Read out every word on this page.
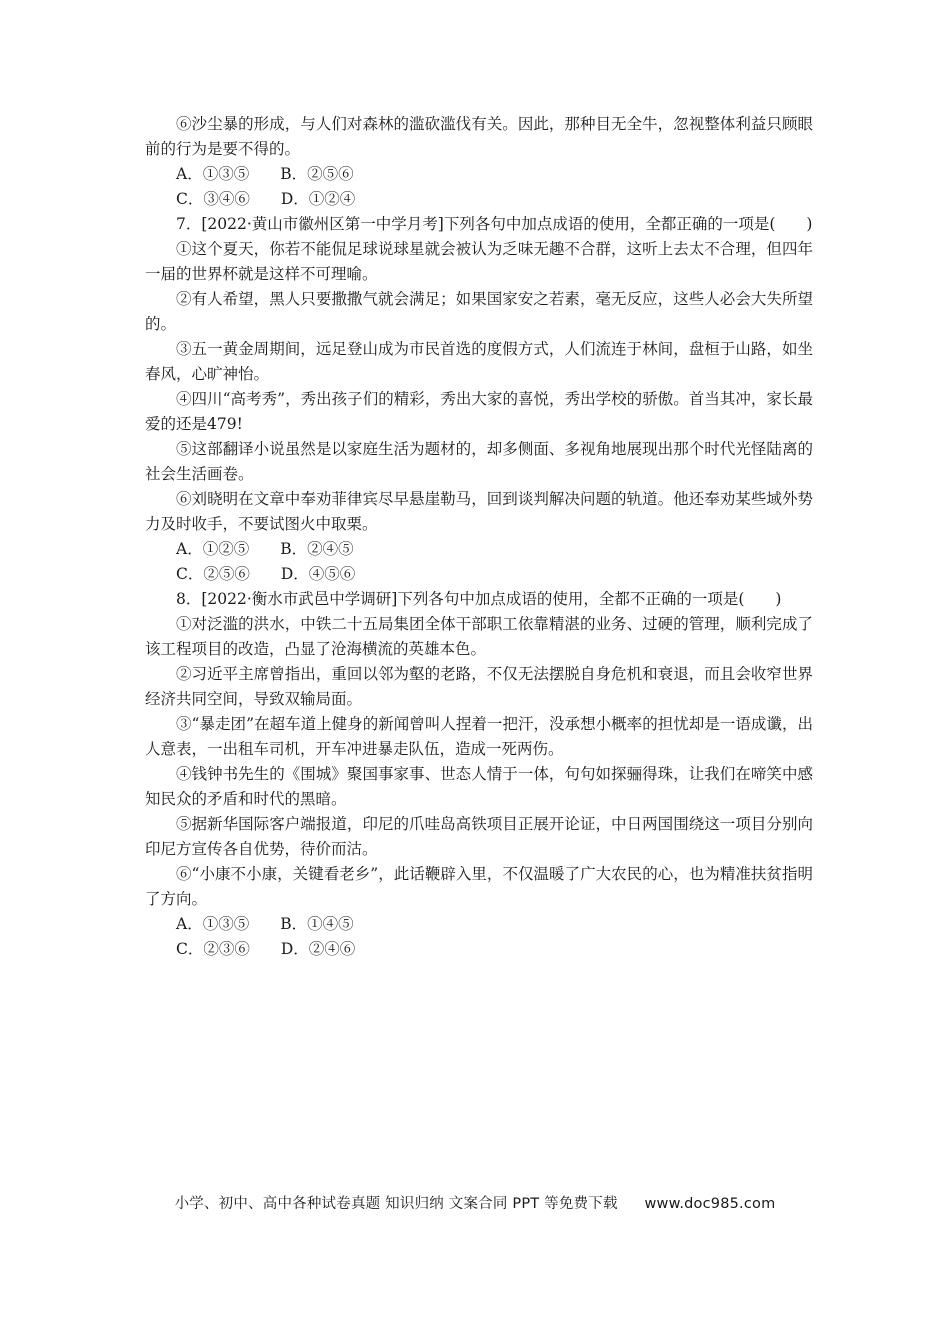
⑥沙尘暴的形成，与人们对森林的滥砍滥伐有关。因此，那种目无全牛，忽视整体利益只顾眼前的行为是要不得的。

A．①③⑤　　B．②⑤⑥

C．③④⑥　　D．①②④

7．[2022·黄山市徽州区第一中学月考]下列各句中加点成语的使用，全都正确的一项是(　　)

①这个夏天，你若不能侃足球说球星就会被认为乏味无趣不合群，这听上去太不合理，但四年一届的世界杯就是这样不可理喻。

②有人希望，黑人只要撒撒气就会满足；如果国家安之若素，毫无反应，这些人必会大失所望的。

③五一黄金周期间，远足登山成为市民首选的度假方式，人们流连于林间，盘桓于山路，如坐春风，心旷神怡。

④四川“高考秀”，秀出孩子们的精彩，秀出大家的喜悦，秀出学校的骄傲。首当其冲，家长最爱的还是479!

⑤这部翻译小说虽然是以家庭生活为题材的，却多侧面、多视角地展现出那个时代光怪陆离的社会生活画卷。

⑥刘晓明在文章中奉劝菲律宾尽早悬崖勒马，回到谈判解决问题的轨道。他还奉劝某些域外势力及时收手，不要试图火中取栗。

A．①②⑤　　B．②④⑤

C．②⑤⑥　　D．④⑤⑥

8．[2022·衡水市武邑中学调研]下列各句中加点成语的使用，全都不正确的一项是(　　)

①对泛滥的洪水，中铁二十五局集团全体干部职工依靠精湛的业务、过硬的管理，顺利完成了该工程项目的改造，凸显了沧海横流的英雄本色。

②习近平主席曾指出，重回以邻为壑的老路，不仅无法摆脱自身危机和衰退，而且会收窄世界经济共同空间，导致双输局面。

③“暴走团”在超车道上健身的新闻曾叫人捏着一把汗，没承想小概率的担忧却是一语成谶，出人意表，一出租车司机，开车冲进暴走队伍，造成一死两伤。

④钱钟书先生的《围城》聚国事家事、世态人情于一体，句句如探骊得珠，让我们在啼笑中感知民众的矛盾和时代的黑暗。

⑤据新华国际客户端报道，印尼的爪哇岛高铁项目正展开论证，中日两国围绕这一项目分别向印尼方宣传各自优势，待价而沽。

⑥“小康不小康，关键看老乡”，此话鞭辟入里，不仅温暖了广大农民的心，也为精准扶贫指明了方向。

A．①③⑤　　B．①④⑤

C．②③⑥　　D．②④⑥

小学、初中、高中各种试卷真题 知识归纳 文案合同 PPT 等免费下载 www.doc985.com
